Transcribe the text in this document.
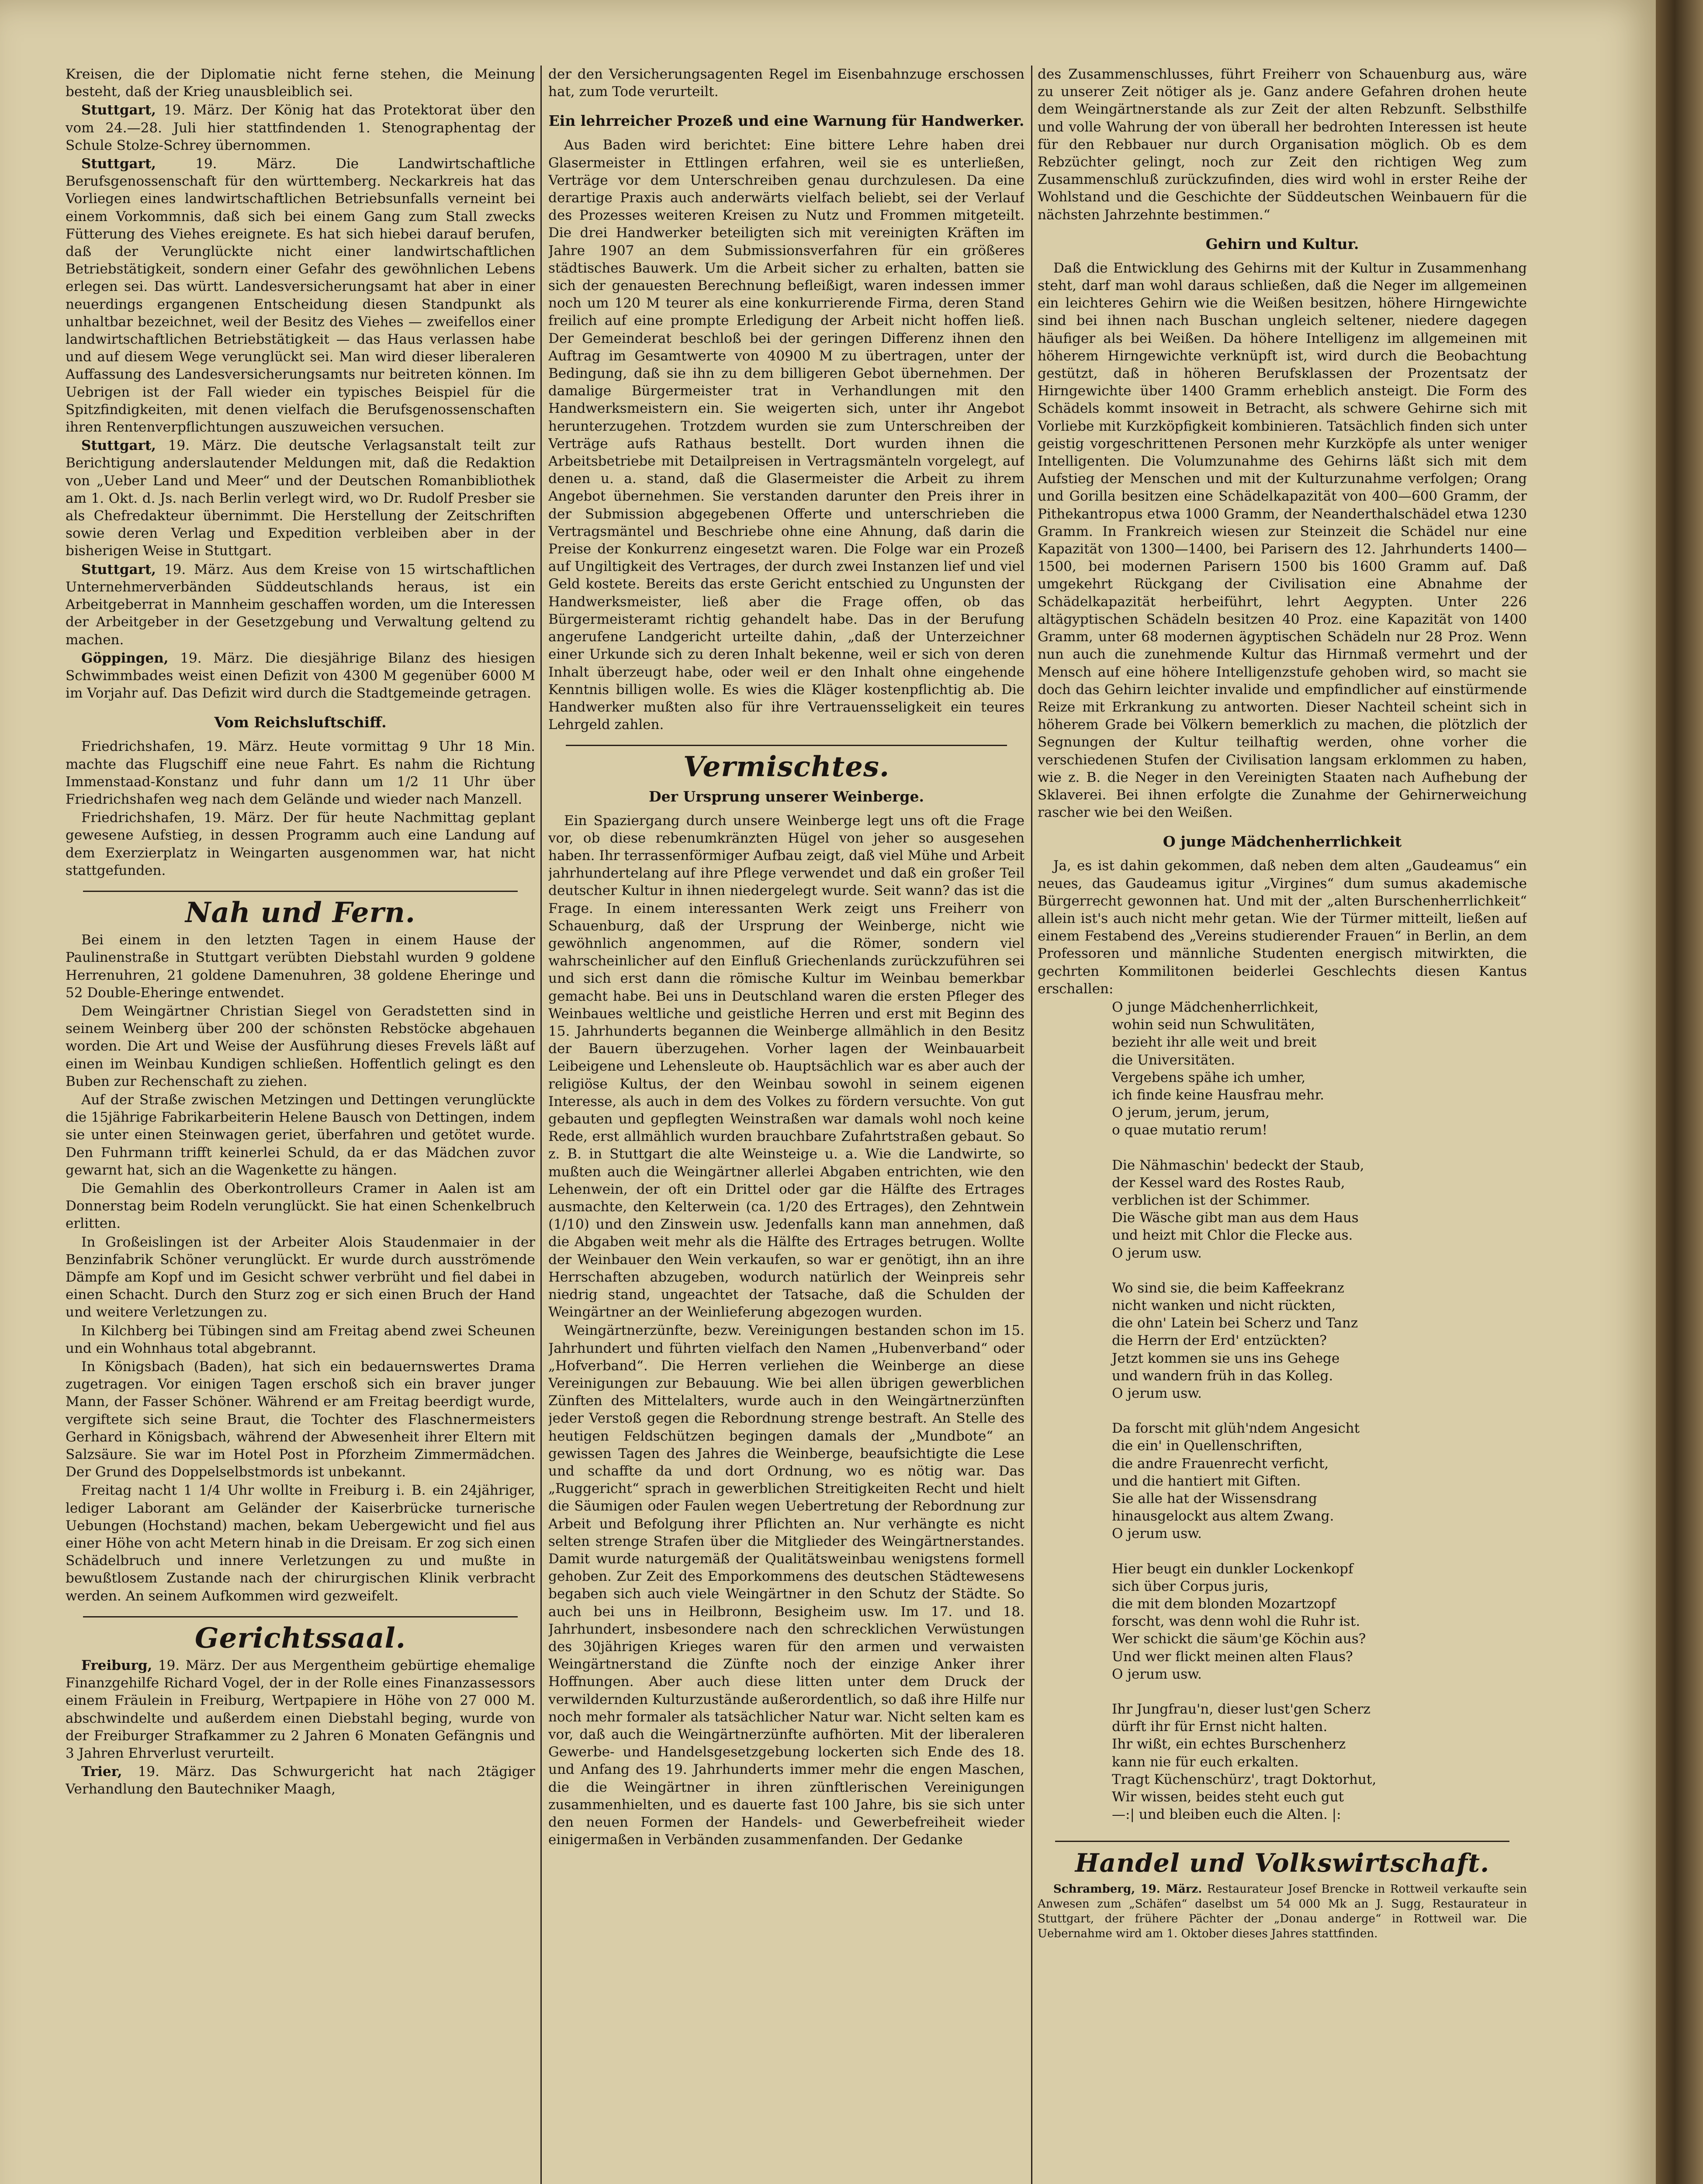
Kreisen, die der Diplomatie nicht ferne stehen, die Meinung besteht, daß der Krieg unausbleiblich sei.

Stuttgart, 19. März. Der König hat das Protektorat über den vom 24.—28. Juli hier stattfindenden 1. Stenographentag der Schule Stolze-Schrey übernommen.

Stuttgart,	19. März. Die Landwirtschaftliche Berufsgenossenschaft für den württemberg. Neckarkreis hat das Vorliegen eines landwirtschaftlichen Betriebsunfalls verneint bei einem Vorkommnis, daß sich bei einem Gang zum Stall zwecks Fütterung des Viehes ereignete. Es hat sich hiebei darauf berufen, daß der Verunglückte nicht einer landwirtschaftlichen Betriebstätigkeit, sondern einer Gefahr des gewöhnlichen Lebens erlegen sei. Das württ. Landesversicherungsamt hat aber in einer neuerdings ergangenen Entscheidung diesen Standpunkt als unhaltbar bezeichnet, weil der Besitz des Viehes — zweifellos einer landwirtschaftlichen Betriebstätigkeit — das Haus verlassen habe und auf diesem Wege verunglückt sei. Man wird dieser liberaleren Auffassung des Landesversicherungsamts nur beitreten können. Im Uebrigen ist der Fall wieder ein typisches Beispiel für die Spitzfindigkeiten, mit denen vielfach die Berufsgenossenschaften ihren Rentenverpflichtungen auszuweichen versuchen.

Stuttgart, 19. März. Die deutsche Verlagsanstalt teilt zur Berichtigung anderslautender Meldungen mit, daß die Redaktion von „Ueber Land und Meer“ und der Deutschen Romanbibliothek am 1. Okt. d. Js. nach Berlin verlegt wird, wo Dr. Rudolf Presber sie als Chefredakteur übernimmt. Die Herstellung der Zeitschriften sowie deren Verlag und Expedition verbleiben aber in der bisherigen Weise in Stuttgart.

Stuttgart, 19. März. Aus dem Kreise von 15 wirtschaftlichen Unternehmerverbänden Süddeutschlands heraus, ist ein Arbeitgeberrat in Mannheim geschaffen worden, um die Interessen der Arbeitgeber in der Gesetzgebung und Verwaltung geltend zu machen.

Göppingen, 19. März. Die diesjährige Bilanz des hiesigen Schwimmbades weist einen Defizit von 4300 M gegenüber 6000 M im Vorjahr auf. Das Defizit wird durch die Stadtgemeinde getragen.

Vom Reichsluftschiff.

Friedrichshafen, 19. März. Heute vormittag 9 Uhr 18 Min. machte das Flugschiff eine neue Fahrt. Es nahm die Richtung Immenstaad-Konstanz und fuhr dann um 1/2 11 Uhr über Friedrichshafen weg nach dem Gelände und wieder nach Manzell.

Friedrichshafen, 19. März. Der für heute Nachmittag geplant gewesene Aufstieg, in dessen Programm auch eine Landung auf dem Exerzierplatz in Weingarten ausgenommen war, hat nicht stattgefunden.

Nah und Fern.

Bei einem in den letzten Tagen in einem Hause der Paulinenstraße in Stuttgart verübten Diebstahl wurden 9 goldene Herrenuhren, 21 goldene Damenuhren, 38 goldene Eheringe und 52 Double-Eheringe entwendet.

Dem Weingärtner Christian Siegel von Geradstetten sind in seinem Weinberg über 200 der schönsten Rebstöcke abgehauen worden. Die Art und Weise der Ausführung dieses Frevels läßt auf einen im Weinbau Kundigen schließen. Hoffentlich gelingt es den Buben zur Rechenschaft zu ziehen.

Auf der Straße zwischen Metzingen und Dettingen verunglückte die 15jährige Fabrikarbeiterin Helene Bausch von Dettingen, indem sie unter einen Steinwagen geriet, überfahren und getötet wurde. Den Fuhrmann trifft keinerlei Schuld, da er das Mädchen zuvor gewarnt hat, sich an die Wagenkette zu hängen.

Die Gemahlin des Oberkontrolleurs Cramer in Aalen ist am Donnerstag beim Rodeln verunglückt. Sie hat einen Schenkelbruch erlitten.

In Großeislingen ist der Arbeiter Alois Staudenmaier in der Benzinfabrik Schöner verunglückt. Er wurde durch ausströmende Dämpfe am Kopf und im Gesicht schwer verbrüht und fiel dabei in einen Schacht. Durch den Sturz zog er sich einen Bruch der Hand und weitere Verletzungen zu.

In Kilchberg bei Tübingen sind am Freitag abend zwei Scheunen und ein Wohnhaus total abgebrannt.

In Königsbach (Baden), hat sich ein bedauernswertes Drama zugetragen. Vor einigen Tagen erschoß sich ein braver junger Mann, der Fasser Schöner. Während er am Freitag beerdigt wurde, vergiftete sich seine Braut, die Tochter des Flaschnermeisters Gerhard in Königsbach, während der Abwesenheit ihrer Eltern mit Salzsäure. Sie war im Hotel Post in Pforzheim Zimmermädchen. Der Grund des Doppelselbstmords ist unbekannt.

Freitag nacht 1 1/4 Uhr wollte in Freiburg i. B. ein 24jähriger, lediger Laborant am Geländer der Kaiserbrücke turnerische Uebungen (Hochstand) machen, bekam Uebergewicht und fiel aus einer Höhe von acht Metern hinab in die Dreisam. Er zog sich einen Schädelbruch und innere Verletzungen zu und mußte in bewußtlosem Zustande nach der chirurgischen Klinik verbracht werden. An seinem Aufkommen wird gezweifelt.

Gerichtssaal.

Freiburg, 19. März. Der aus Mergentheim gebürtige ehemalige Finanzgehilfe Richard Vogel, der in der Rolle eines Finanzassessors einem Fräulein in Freiburg, Wertpapiere in Höhe von 27 000 M. abschwindelte und außerdem einen Diebstahl beging, wurde von der Freiburger Strafkammer zu 2 Jahren 6 Monaten Gefängnis und 3 Jahren Ehrverlust verurteilt.

Trier, 19. März. Das Schwurgericht hat nach 2tägiger Verhandlung den Bautechniker Maagh,

der den Versicherungsagenten Regel im Eisenbahnzuge erschossen hat, zum Tode verurteilt.

Ein lehrreicher Prozeß und eine Warnung für Handwerker.

Aus Baden wird berichtet: Eine bittere Lehre haben drei Glasermeister in Ettlingen erfahren, weil sie es unterließen, Verträge vor dem Unterschreiben genau durchzulesen. Da eine derartige Praxis auch anderwärts vielfach beliebt, sei der Verlauf des Prozesses weiteren Kreisen zu Nutz und Frommen mitgeteilt. Die drei Handwerker beteiligten sich mit vereinigten Kräften im Jahre 1907 an dem Submissionsverfahren für ein größeres städtisches Bauwerk. Um die Arbeit sicher zu erhalten, batten sie sich der genauesten Berechnung befleißigt, waren indessen immer noch um 120 M teurer als eine konkurrierende Firma, deren Stand freilich auf eine prompte Erledigung der Arbeit nicht hoffen ließ. Der Gemeinderat beschloß bei der geringen Differenz ihnen den Auftrag im Gesamtwerte von 40900 M zu übertragen, unter der Bedingung, daß sie ihn zu dem billigeren Gebot übernehmen. Der damalige Bürgermeister trat in Verhandlungen mit den Handwerksmeistern ein. Sie weigerten sich, unter ihr Angebot herunterzugehen. Trotzdem wurden sie zum Unterschreiben der Verträge aufs Rathaus bestellt. Dort wurden ihnen die Arbeitsbetriebe mit Detailpreisen in Vertragsmänteln vorgelegt, auf denen u. a. stand, daß die Glasermeister die Arbeit zu ihrem Angebot übernehmen. Sie verstanden darunter den Preis ihrer in der Submission abgegebenen Offerte und unterschrieben die Vertragsmäntel und Beschriebe ohne eine Ahnung, daß darin die Preise der Konkurrenz eingesetzt waren. Die Folge war ein Prozeß auf Ungiltigkeit des Vertrages, der durch zwei Instanzen lief und viel Geld kostete. Bereits das erste Gericht entschied zu Ungunsten der Handwerksmeister, ließ aber die Frage offen, ob das Bürgermeisteramt richtig gehandelt habe. Das in der Berufung angerufene Landgericht urteilte dahin, „daß der Unterzeichner einer Urkunde sich zu deren Inhalt bekenne, weil er sich von deren Inhalt überzeugt habe, oder weil er den Inhalt ohne eingehende Kenntnis billigen wolle. Es wies die Kläger kostenpflichtig ab. Die Handwerker mußten also für ihre Vertrauensseligkeit ein teures Lehrgeld zahlen.

Vermischtes.
Der Ursprung unserer Weinberge.

Ein Spaziergang durch unsere Weinberge legt uns oft die Frage vor, ob diese rebenumkränzten Hügel von jeher so ausgesehen haben. Ihr terrassenförmiger Aufbau zeigt, daß viel Mühe und Arbeit jahrhundertelang auf ihre Pflege verwendet und daß ein großer Teil deutscher Kultur in ihnen niedergelegt wurde. Seit wann? das ist die Frage. In einem interessanten Werk zeigt uns Freiherr von Schauenburg, daß der Ursprung der Weinberge, nicht wie gewöhnlich angenommen, auf die Römer, sondern viel wahrscheinlicher auf den Einfluß Griechenlands zurückzuführen sei und sich erst dann die römische Kultur im Weinbau bemerkbar gemacht habe. Bei uns in Deutschland waren die ersten Pfleger des Weinbaues weltliche und geistliche Herren und erst mit Beginn des 15. Jahrhunderts begannen die Weinberge allmählich in den Besitz der Bauern überzugehen. Vorher lagen der Weinbauarbeit Leibeigene und Lehensleute ob. Hauptsächlich war es aber auch der religiöse Kultus, der den Weinbau sowohl in seinem eigenen Interesse, als auch in dem des Volkes zu fördern versuchte. Von gut gebauten und gepflegten Weinstraßen war damals wohl noch keine Rede, erst allmählich wurden brauchbare Zufahrtstraßen gebaut. So z. B. in Stuttgart die alte Weinsteige u. a. Wie die Landwirte, so mußten auch die Weingärtner allerlei Abgaben entrichten, wie den Lehenwein, der oft ein Drittel oder gar die Hälfte des Ertrages ausmachte, den Kelterwein (ca. 1/20 des Ertrages), den Zehntwein (1/10) und den Zinswein usw. Jedenfalls kann man annehmen, daß die Abgaben weit mehr als die Hälfte des Ertrages betrugen. Wollte der Weinbauer den Wein verkaufen, so war er genötigt, ihn an ihre Herrschaften abzugeben, wodurch natürlich der Weinpreis sehr niedrig stand, ungeachtet der Tatsache, daß die Schulden der Weingärtner an der Weinlieferung abgezogen wurden.

Weingärtnerzünfte, bezw. Vereinigungen bestanden schon im 15. Jahrhundert und führten vielfach den Namen „Hubenverband“ oder „Hofverband“. Die Herren verliehen die Weinberge an diese Vereinigungen zur Bebauung. Wie bei allen übrigen gewerblichen Zünften des Mittelalters, wurde auch in den Weingärtnerzünften jeder Verstoß gegen die Rebordnung strenge bestraft. An Stelle des heutigen Feldschützen begingen damals der „Mundbote“ an gewissen Tagen des Jahres die Weinberge, beaufsichtigte die Lese und schaffte da und dort Ordnung, wo es nötig war. Das „Ruggericht“ sprach in gewerblichen Streitigkeiten Recht und hielt die Säumigen oder Faulen wegen Uebertretung der Rebordnung zur Arbeit und Befolgung ihrer Pflichten an. Nur verhängte es nicht selten strenge Strafen über die Mitglieder des Weingärtnerstandes. Damit wurde naturgemäß der Qualitätsweinbau wenigstens formell gehoben. Zur Zeit des Emporkommens des deutschen Städtewesens begaben sich auch viele Weingärtner in den Schutz der Städte. So auch bei uns in Heilbronn, Besigheim usw. Im 17. und 18. Jahrhundert, insbesondere nach den schrecklichen Verwüstungen des 30jährigen Krieges waren für den armen und verwaisten Weingärtnerstand die Zünfte noch der einzige Anker ihrer Hoffnungen. Aber auch diese litten unter dem Druck der verwildernden Kulturzustände außerordentlich, so daß ihre Hilfe nur noch mehr formaler als tatsächlicher Natur war. Nicht selten kam es vor, daß auch die Weingärtnerzünfte aufhörten. Mit der liberaleren Gewerbe- und Handelsgesetzgebung lockerten sich Ende des 18. und Anfang des 19. Jahrhunderts immer mehr die engen Maschen, die die Weingärtner in ihren zünftlerischen Vereinigungen zusammenhielten, und es dauerte fast 100 Jahre, bis sie sich unter den neuen Formen der Handels- und Gewerbefreiheit wieder einigermaßen in Verbänden zusammenfanden. Der Gedanke

des Zusammenschlusses, führt Freiherr von Schauenburg aus, wäre zu unserer Zeit nötiger als je. Ganz andere Gefahren drohen heute dem Weingärtnerstande als zur Zeit der alten Rebzunft. Selbsthilfe und volle Wahrung der von überall her bedrohten Interessen ist heute für den Rebbauer nur durch Organisation möglich. Ob es dem Rebzüchter gelingt, noch zur Zeit den richtigen Weg zum Zusammenschluß zurückzufinden, dies wird wohl in erster Reihe der Wohlstand und die Geschichte der Süddeutschen Weinbauern für die nächsten Jahrzehnte bestimmen.“

Gehirn und Kultur.

Daß die Entwicklung des Gehirns mit der Kultur in Zusammenhang steht, darf man wohl daraus schließen, daß die Neger im allgemeinen ein leichteres Gehirn wie die Weißen besitzen, höhere Hirngewichte sind bei ihnen nach Buschan ungleich seltener, niedere dagegen häufiger als bei Weißen. Da höhere Intelligenz im allgemeinen mit höherem Hirngewichte verknüpft ist, wird durch die Beobachtung gestützt, daß in höheren Berufsklassen der Prozentsatz der Hirngewichte über 1400 Gramm erheblich ansteigt. Die Form des Schädels kommt insoweit in Betracht, als schwere Gehirne sich mit Vorliebe mit Kurzköpfigkeit kombinieren. Tatsächlich finden sich unter geistig vorgeschrittenen Personen mehr Kurzköpfe als unter weniger Intelligenten. Die Volumzunahme des Gehirns läßt sich mit dem Aufstieg der Menschen und mit der Kulturzunahme verfolgen; Orang und Gorilla besitzen eine Schädelkapazität von 400—600 Gramm, der Pithekantropus etwa 1000 Gramm, der Neanderthalschädel etwa 1230 Gramm. In Frankreich wiesen zur Steinzeit die Schädel nur eine Kapazität von 1300—1400, bei Parisern des 12. Jahrhunderts 1400—1500, bei modernen Parisern 1500 bis 1600 Gramm auf. Daß umgekehrt Rückgang der Civilisation eine Abnahme der Schädelkapazität herbeiführt, lehrt Aegypten. Unter 226 altägyptischen Schädeln besitzen 40 Proz. eine Kapazität von 1400 Gramm, unter 68 modernen ägyptischen Schädeln nur 28 Proz. Wenn nun auch die zunehmende Kultur das Hirnmaß vermehrt und der Mensch auf eine höhere Intelligenzstufe gehoben wird, so macht sie doch das Gehirn leichter invalide und empfindlicher auf einstürmende Reize mit Erkrankung zu antworten. Dieser Nachteil scheint sich in höherem Grade bei Völkern bemerklich zu machen, die plötzlich der Segnungen der Kultur teilhaftig werden, ohne vorher die verschiedenen Stufen der Civilisation langsam erklommen zu haben, wie z. B. die Neger in den Vereinigten Staaten nach Aufhebung der Sklaverei. Bei ihnen erfolgte die Zunahme der Gehirnerweichung rascher wie bei den Weißen.

O junge Mädchenherrlichkeit

Ja, es ist dahin gekommen, daß neben dem alten „Gaudeamus“ ein neues, das Gaudeamus igitur „Virgines“ dum sumus akademische Bürgerrecht gewonnen hat. Und mit der „alten Burschenherrlichkeit“ allein ist's auch nicht mehr getan. Wie der Türmer mitteilt, ließen auf einem Festabend des „Vereins studierender Frauen“ in Berlin, an dem Professoren und männliche Studenten energisch mitwirkten, die gechrten Kommilitonen beiderlei Geschlechts diesen Kantus erschallen:

O junge Mädchenherrlichkeit,

wohin seid nun Schwulitäten,

bezieht ihr alle weit und breit

die Universitäten.

Vergebens spähe ich umher,

ich finde keine Hausfrau mehr.

O jerum, jerum, jerum,

o quae mutatio rerum!

Die Nähmaschin' bedeckt der Staub,

der Kessel ward des Rostes Raub,

verblichen ist der Schimmer.

Die Wäsche gibt man aus dem Haus

und heizt mit Chlor die Flecke aus.

O jerum usw.

Wo sind sie, die beim Kaffeekranz

nicht wanken und nicht rückten,

die ohn' Latein bei Scherz und Tanz

die Herrn der Erd' entzückten?

Jetzt kommen sie uns ins Gehege

und wandern früh in das Kolleg.

O jerum usw.

Da forscht mit glüh'ndem Angesicht

die ein' in Quellenschriften,

die andre Frauenrecht verficht,

und die hantiert mit Giften.

Sie alle hat der Wissensdrang

hinausgelockt aus altem Zwang.

O jerum usw.

Hier beugt ein dunkler Lockenkopf

sich über Corpus juris,

die mit dem blonden Mozartzopf

forscht, was denn wohl die Ruhr ist.

Wer schickt die säum'ge Köchin aus?

Und wer flickt meinen alten Flaus?

O jerum usw.

Ihr Jungfrau'n, dieser lust'gen Scherz

dürft ihr für Ernst nicht halten.

Ihr wißt, ein echtes Burschenherz

kann nie für euch erkalten.

Tragt Küchenschürz', tragt Doktorhut,

Wir wissen, beides steht euch gut

—:| und bleiben euch die Alten. |:

Handel und Volkswirtschaft.

Schramberg, 19. März. Restaurateur Josef Brencke in Rottweil verkaufte sein Anwesen zum „Schäfen“ daselbst um 54 000 Mk an J. Sugg, Restaurateur in Stuttgart, der frühere Pächter der „Donau anderge“ in Rottweil war. Die Uebernahme wird am 1. Oktober dieses Jahres stattfinden.
